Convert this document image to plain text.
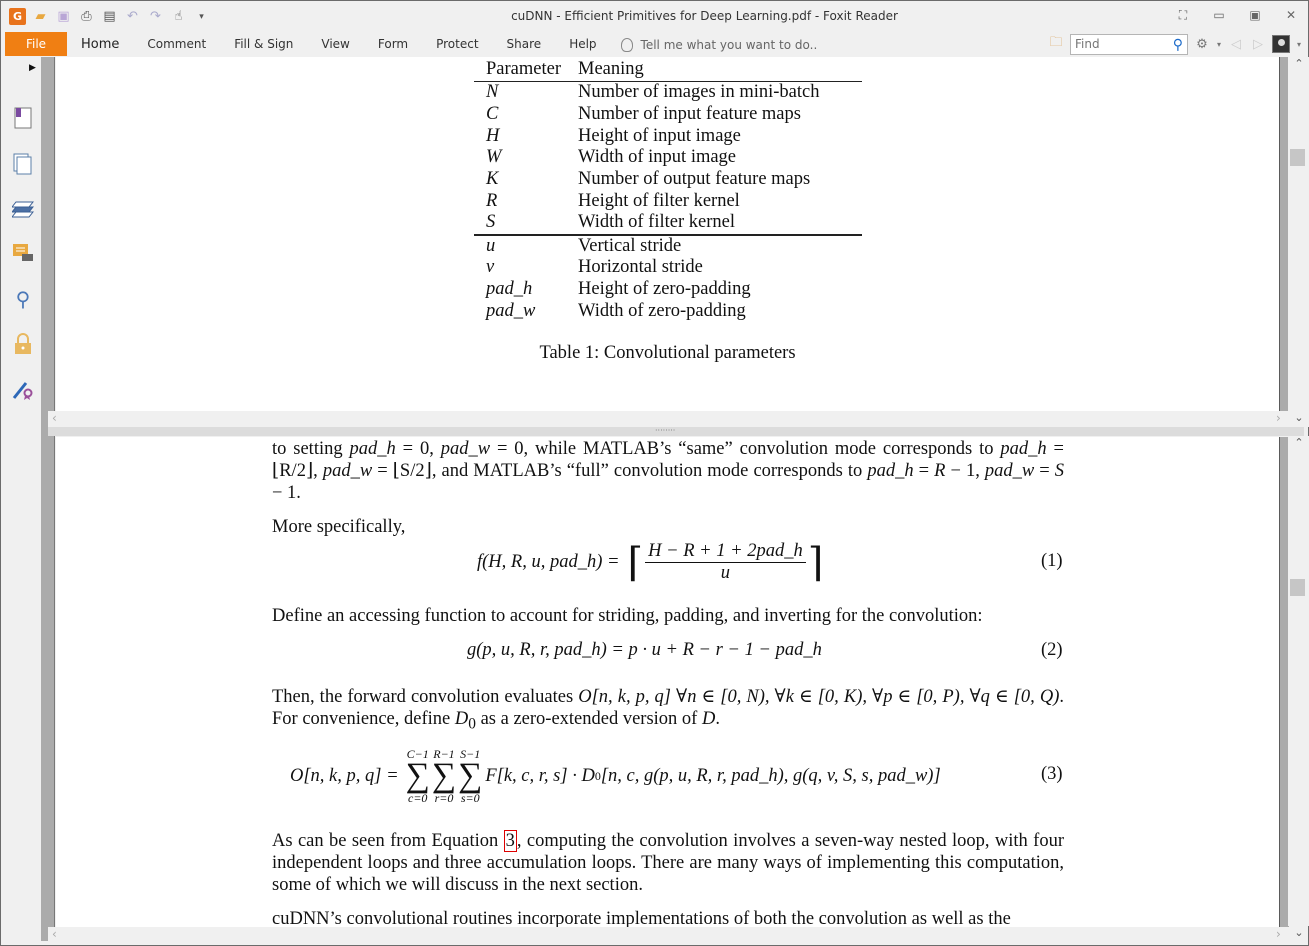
G	▰ ▣ ⎙ ▤ ↶ ↷	☝	▾	cuDNN - Efficient Primitives for Deep Learning.pdf - Foxit Reader	⛶	▭	▣	✕
File	Home	Comment	Fill & Sign	View	Form	Protect	Share	Help	Tell me what you want to do..	🗀
Find	⚲ ⚙ ▾ ◁ ▷	▾
▶
⚲
Parameter Meaning
N	Number of images in mini-batch
C	Number of input feature maps
H	Height of input image
W	Width of input image
K	Number of output feature maps
R	Height of filter kernel
S	Width of filter kernel
u	Vertical stride
v	Horizontal stride
pad_h	Height of zero-padding
pad_w	Width of zero-padding
Table 1: Convolutional parameters
⌃
⌄
‹	›
········
to setting pad_h = 0, pad_w = 0, while MATLAB’s “same” convolution mode corresponds to pad_h = ⌊R/2⌋, pad_w = ⌊S/2⌋, and MATLAB’s “full” convolution mode corresponds to pad_h = R − 1, pad_w = S − 1.
More specifically,
f(H, R, u, pad_h) = ⌈ $\frac{\text{H − R + 1 + 2pad\_h}}{u}$ ⌉	(1)
Define an accessing function to account for striding, padding, and inverting for the convolution:
g(p, u, R, r, pad_h) = p · u + R − r − 1 − pad_h	(2)
Then, the forward convolution evaluates O[n, k, p, q] ∀n ∈ [0, N), ∀k ∈ [0, K), ∀p ∈ [0, P), ∀q ∈ [0, Q). For convenience, define $D_0$ as a zero-extended version of D.
O[n, k, p, q] =
C−1
∑
c=0
R−1
∑
r=0
S−1
∑
s=0
F[k, c, r, s] · D 0 [n, c, g(p, u, R, r, pad_h), g(q, v, S, s, pad_w)]	(3)
As can be seen from Equation 3 , computing the convolution involves a seven-way nested loop, with four independent loops and three accumulation loops. There are many ways of implementing this computation, some of which we will discuss in the next section.
cuDNN’s convolutional routines incorporate implementations of both the convolution as well as the
⌃
⌄
‹	›
